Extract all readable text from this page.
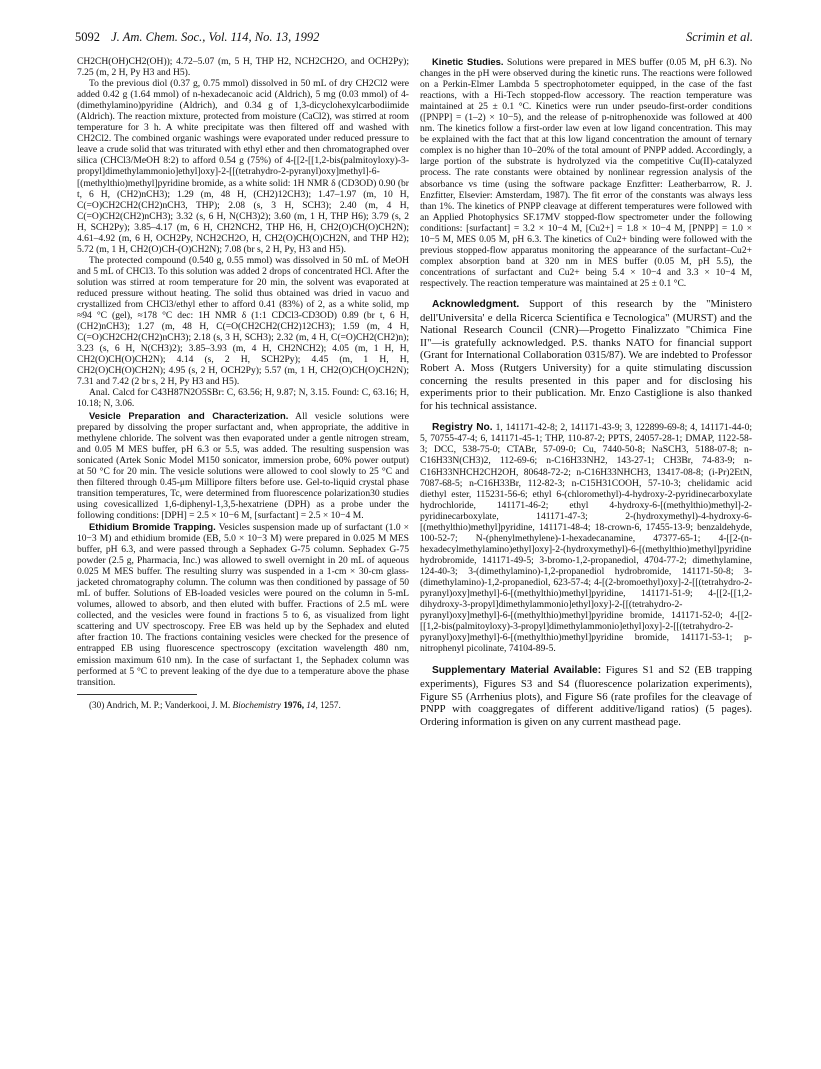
5092 J. Am. Chem. Soc., Vol. 114, No. 13, 1992	Scrimin et al.

CH2CH(OH)CH2(OH)); 4.72–5.07 (m, 5 H, THP H2, NCH2CH2O, and OCH2Py); 7.25 (m, 2 H, Py H3 and H5).

To the previous diol (0.37 g, 0.75 mmol) dissolved in 50 mL of dry CH2Cl2 were added 0.42 g (1.64 mmol) of n-hexadecanoic acid (Aldrich), 5 mg (0.03 mmol) of 4-(dimethylamino)pyridine (Aldrich), and 0.34 g of 1,3-dicyclohexylcarbodiimide (Aldrich). The reaction mixture, protected from moisture (CaCl2), was stirred at room temperature for 3 h. A white precipitate was then filtered off and washed with CH2Cl2. The combined organic washings were evaporated under reduced pressure to leave a crude solid that was triturated with ethyl ether and then chromatographed over silica (CHCl3/MeOH 8:2) to afford 0.54 g (75%) of 4-[[2-[[1,2-bis(palmitoyloxy)-3-propyl]dimethylammonio]ethyl]oxy]-2-[[(tetrahydro-2-pyranyl)oxy]methyl]-6-[(methylthio)methyl]pyridine bromide, as a white solid: 1H NMR δ (CD3OD) 0.90 (br t, 6 H, (CH2)nCH3); 1.29 (m, 48 H, (CH2)12CH3); 1.47–1.97 (m, 10 H, C(=O)CH2CH2(CH2)nCH3, THP); 2.08 (s, 3 H, SCH3); 2.40 (m, 4 H, C(=O)CH2(CH2)nCH3); 3.32 (s, 6 H, N(CH3)2); 3.60 (m, 1 H, THP H6); 3.79 (s, 2 H, SCH2Py); 3.85–4.17 (m, 6 H, CH2NCH2, THP H6, H, CH2(O)CH(O)CH2N); 4.61–4.92 (m, 6 H, OCH2Py, NCH2CH2O, H, CH2(O)CH(O)CH2N, and THP H2); 5.72 (m, 1 H, CH2(O)CH-(O)CH2N); 7.08 (br s, 2 H, Py, H3 and H5).

The protected compound (0.540 g, 0.55 mmol) was dissolved in 50 mL of MeOH and 5 mL of CHCl3. To this solution was added 2 drops of concentrated HCl. After the solution was stirred at room temperature for 20 min, the solvent was evaporated at reduced pressure without heating. The solid thus obtained was dried in vacuo and crystallized from CHCl3/ethyl ether to afford 0.41 (83%) of 2, as a white solid, mp ≈94 °C (gel), ≈178 °C dec: 1H NMR δ (1:1 CDCl3-CD3OD) 0.89 (br t, 6 H, (CH2)nCH3); 1.27 (m, 48 H, C(=O(CH2CH2(CH2)12CH3); 1.59 (m, 4 H, C(=O)CH2CH2(CH2)nCH3); 2.18 (s, 3 H, SCH3); 2.32 (m, 4 H, C(=O)CH2(CH2)n); 3.23 (s, 6 H, N(CH3)2); 3.85–3.93 (m, 4 H, CH2NCH2); 4.05 (m, 1 H, H, CH2(O)CH(O)CH2N); 4.14 (s, 2 H, SCH2Py); 4.45 (m, 1 H, H, CH2(O)CH(O)CH2N); 4.95 (s, 2 H, OCH2Py); 5.57 (m, 1 H, CH2(O)CH(O)CH2N); 7.31 and 7.42 (2 br s, 2 H, Py H3 and H5).

Anal. Calcd for C43H87N2O5SBr: C, 63.56; H, 9.87; N, 3.15. Found: C, 63.16; H, 10.18; N, 3.06.

Vesicle Preparation and Characterization. All vesicle solutions were prepared by dissolving the proper surfactant and, when appropriate, the additive in methylene chloride. The solvent was then evaporated under a gentle nitrogen stream, and 0.05 M MES buffer, pH 6.3 or 5.5, was added. The resulting suspension was sonicated (Artek Sonic Model M150 sonicator, immersion probe, 60% power output) at 50 °C for 20 min. The vesicle solutions were allowed to cool slowly to 25 °C and then filtered through 0.45-μm Millipore filters before use. Gel-to-liquid crystal phase transition temperatures, Tc, were determined from fluorescence polarization30 studies using covesicallized 1,6-diphenyl-1,3,5-hexatriene (DPH) as a probe under the following conditions: [DPH] = 2.5 × 10−6 M, [surfactant] = 2.5 × 10−4 M.

Ethidium Bromide Trapping. Vesicles suspension made up of surfactant (1.0 × 10−3 M) and ethidium bromide (EB, 5.0 × 10−3 M) were prepared in 0.025 M MES buffer, pH 6.3, and were passed through a Sephadex G-75 column. Sephadex G-75 powder (2.5 g, Pharmacia, Inc.) was allowed to swell overnight in 20 mL of aqueous 0.025 M MES buffer. The resulting slurry was suspended in a 1-cm × 30-cm glass-jacketed chromatography column. The column was then conditioned by passage of 50 mL of buffer. Solutions of EB-loaded vesicles were poured on the column in 5-mL volumes, allowed to absorb, and then eluted with buffer. Fractions of 2.5 mL were collected, and the vesicles were found in fractions 5 to 6, as visualized from light scattering and UV spectroscopy. Free EB was held up by the Sephadex and eluted after fraction 10. The fractions containing vesicles were checked for the presence of entrapped EB using fluorescence spectroscopy (excitation wavelength 480 nm, emission maximum 610 nm). In the case of surfactant 1, the Sephadex column was performed at 5 °C to prevent leaking of the dye due to a temperature above the phase transition.

(30) Andrich, M. P.; Vanderkooi, J. M. Biochemistry 1976, 14, 1257.

Kinetic Studies. Solutions were prepared in MES buffer (0.05 M, pH 6.3). No changes in the pH were observed during the kinetic runs. The reactions were followed on a Perkin-Elmer Lambda 5 spectrophotometer equipped, in the case of the fast reactions, with a Hi-Tech stopped-flow accessory. The reaction temperature was maintained at 25 ± 0.1 °C. Kinetics were run under pseudo-first-order conditions ([PNPP] = (1–2) × 10−5), and the release of p-nitrophenoxide was followed at 400 nm. The kinetics follow a first-order law even at low ligand concentration. This may be explained with the fact that at this low ligand concentration the amount of ternary complex is no higher than 10–20% of the total amount of PNPP added. Accordingly, a large portion of the substrate is hydrolyzed via the competitive Cu(II)-catalyzed process. The rate constants were obtained by nonlinear regression analysis of the absorbance vs time (using the software package Enzfitter: Leatherbarrow, R. J. Enzfitter, Elsevier: Amsterdam, 1987). The fit error of the constants was always less than 1%. The kinetics of PNPP cleavage at different temperatures were followed with an Applied Photophysics SF.17MV stopped-flow spectrometer under the following conditions: [surfactant] = 3.2 × 10−4 M, [Cu2+] = 1.8 × 10−4 M, [PNPP] = 1.0 × 10−5 M, MES 0.05 M, pH 6.3. The kinetics of Cu2+ binding were followed with the previous stopped-flow apparatus monitoring the appearance of the surfactant–Cu2+ complex absorption band at 320 nm in MES buffer (0.05 M, pH 5.5), the concentrations of surfactant and Cu2+ being 5.4 × 10−4 and 3.3 × 10−4 M, respectively. The reaction temperature was maintained at 25 ± 0.1 °C.

Acknowledgment. Support of this research by the "Ministero dell'Universita' e della Ricerca Scientifica e Tecnologica" (MURST) and the National Research Council (CNR)—Progetto Finalizzato "Chimica Fine II"—is gratefully acknowledged. P.S. thanks NATO for financial support (Grant for International Collaboration 0315/87). We are indebted to Professor Robert A. Moss (Rutgers University) for a quite stimulating discussion concerning the results presented in this paper and for disclosing his experiments prior to their publication. Mr. Enzo Castiglione is also thanked for his technical assistance.

Registry No. 1, 141171-42-8; 2, 141171-43-9; 3, 122899-69-8; 4, 141171-44-0; 5, 70755-47-4; 6, 141171-45-1; THP, 110-87-2; PPTS, 24057-28-1; DMAP, 1122-58-3; DCC, 538-75-0; CTABr, 57-09-0; Cu, 7440-50-8; NaSCH3, 5188-07-8; n-C16H33N(CH3)2, 112-69-6; n-C16H33NH2, 143-27-1; CH3Br, 74-83-9; n-C16H33NHCH2CH2OH, 80648-72-2; n-C16H33NHCH3, 13417-08-8; (i-Pr)2EtN, 7087-68-5; n-C16H33Br, 112-82-3; n-C15H31COOH, 57-10-3; chelidamic acid diethyl ester, 115231-56-6; ethyl 6-(chloromethyl)-4-hydroxy-2-pyridinecarboxylate hydrochloride, 141171-46-2; ethyl 4-hydroxy-6-[(methylthio)methyl]-2-pyridinecarboxylate, 141171-47-3; 2-(hydroxymethyl)-4-hydroxy-6-[(methylthio)methyl]pyridine, 141171-48-4; 18-crown-6, 17455-13-9; benzaldehyde, 100-52-7; N-(phenylmethylene)-1-hexadecanamine, 47377-65-1; 4-[[2-(n-hexadecylmethylamino)ethyl]oxy]-2-(hydroxymethyl)-6-[(methylthio)methyl]pyridine hydrobromide, 141171-49-5; 3-bromo-1,2-propanediol, 4704-77-2; dimethylamine, 124-40-3; 3-(dimethylamino)-1,2-propanediol hydrobromide, 141171-50-8; 3-(dimethylamino)-1,2-propanediol, 623-57-4; 4-[(2-bromoethyl)oxy]-2-[[(tetrahydro-2-pyranyl)oxy]methyl]-6-[(methylthio)methyl]pyridine, 141171-51-9; 4-[[2-[[1,2-dihydroxy-3-propyl]dimethylammonio]ethyl]oxy]-2-[[(tetrahydro-2-pyranyl)oxy]methyl]-6-[(methylthio)methyl]pyridine bromide, 141171-52-0; 4-[[2-[[1,2-bis(palmitoyloxy)-3-propyl]dimethylammonio]ethyl]oxy]-2-[[(tetrahydro-2-pyranyl)oxy]methyl]-6-[(methylthio)methyl]pyridine bromide, 141171-53-1; p-nitrophenyl picolinate, 74104-89-5.

Supplementary Material Available: Figures S1 and S2 (EB trapping experiments), Figures S3 and S4 (fluorescence polarization experiments), Figure S5 (Arrhenius plots), and Figure S6 (rate profiles for the cleavage of PNPP with coaggregates of different additive/ligand ratios) (5 pages). Ordering information is given on any current masthead page.
